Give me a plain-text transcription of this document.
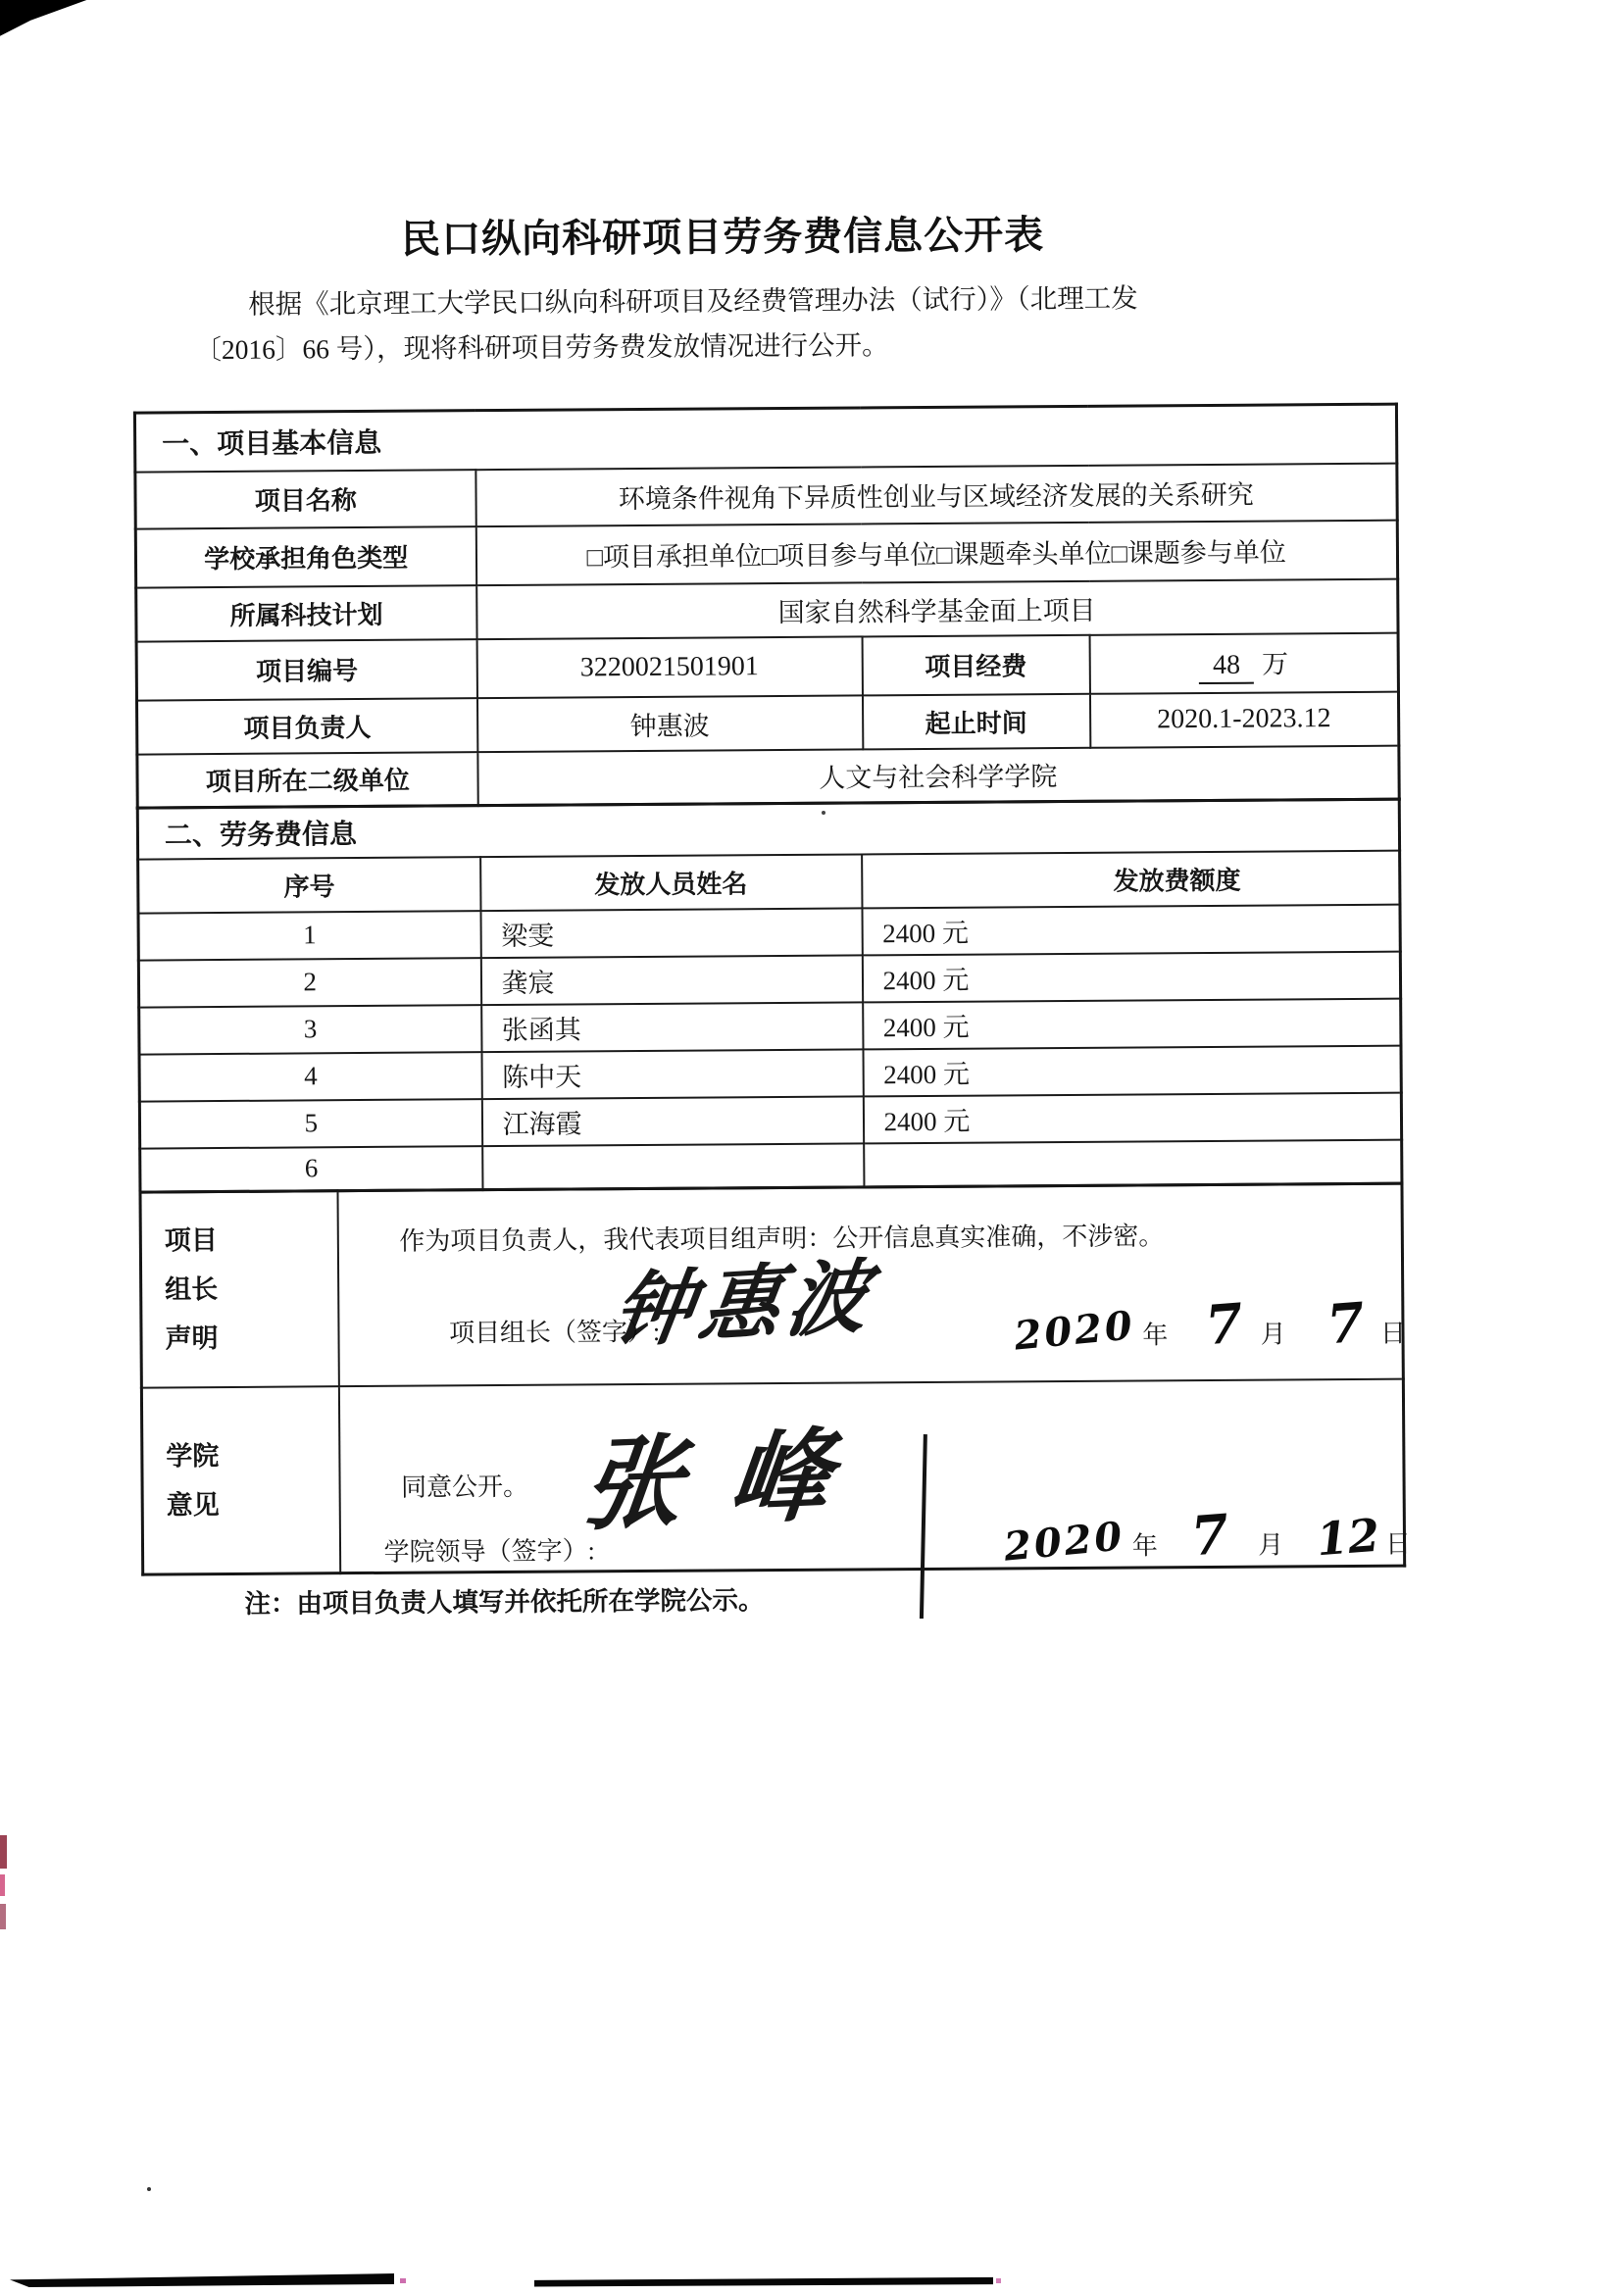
民口纵向科研项目劳务费信息公开表
根据《北京理工大学民口纵向科研项目及经费管理办法（试行）》（北理工发
〔2016〕66 号），现将科研项目劳务费发放情况进行公开。
一、项目基本信息			
项目名称	环境条件视角下异质性创业与区域经济发展的关系研究		
学校承担角色类型	□项目承担单位□项目参与单位□课题牵头单位□课题参与单位		
所属科技计划	国家自然科学基金面上项目		
项目编号	3220021501901	项目经费	48 万
项目负责人	钟惠波	起止时间	2020.1-2023.12
项目所在二级单位	人文与社会科学学院		
二、劳务费信息		
序号	发放人员姓名	发放费额度
1	梁雯	2400 元
2	龚宸	2400 元
3	张函其	2400 元
4	陈中天	2400 元
5	江海霞	2400 元
6		
项目
组长
声明	
作为项目负责人，我代表项目组声明：公开信息真实准确，不涉密。
项目组长（签字）:
钟惠波	2020 年 7 月 7 日

学院
意见	
同意公开。
学院领导（签字）:
张峰	2020 年 7 月 12 日
注：由项目负责人填写并依托所在学院公示。
